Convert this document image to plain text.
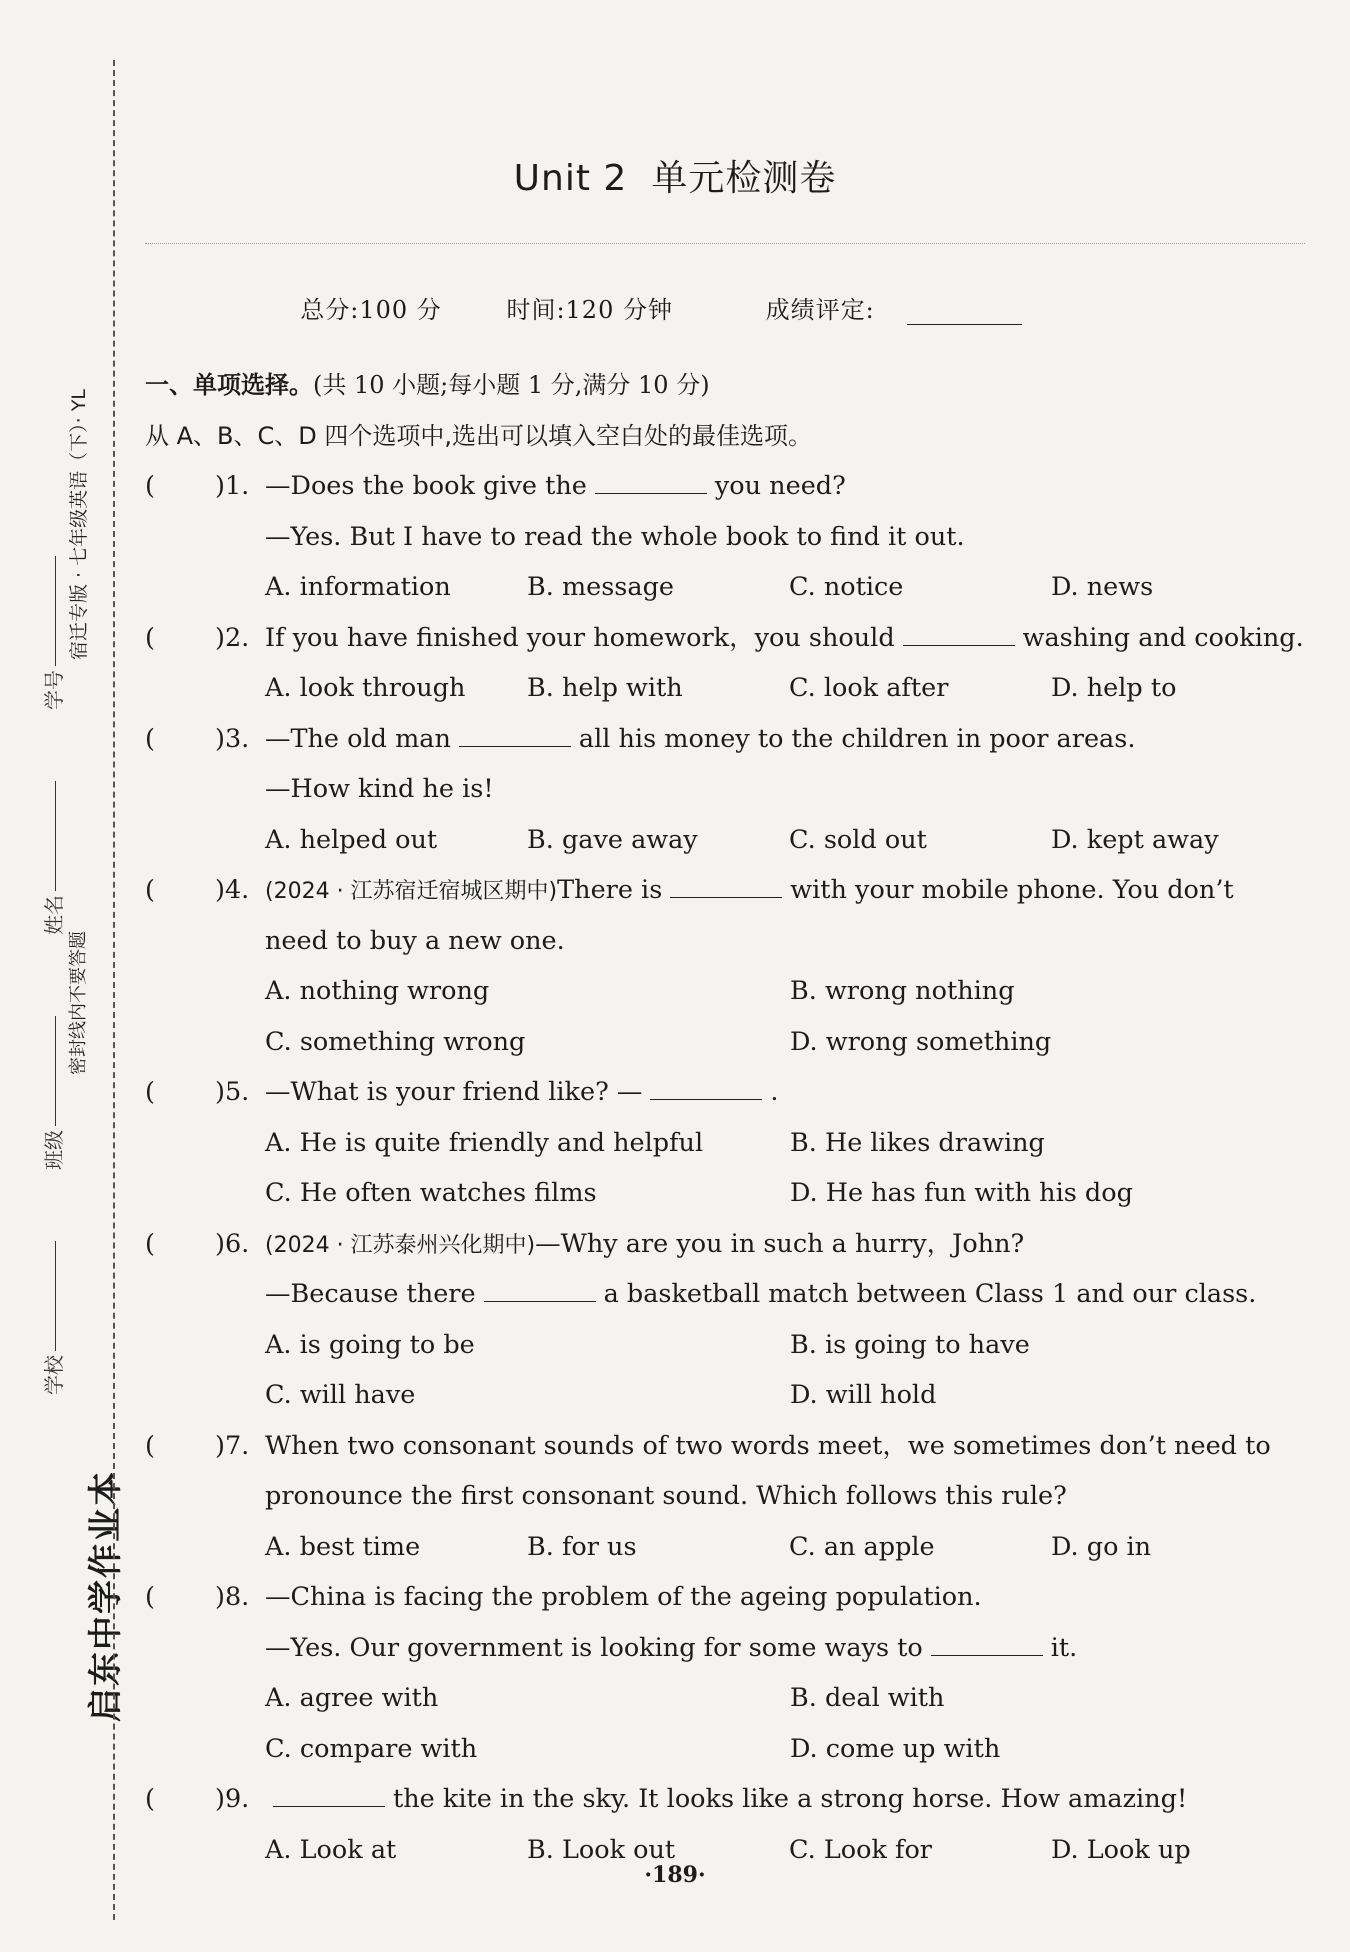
启东中学作业本
学校
班级
姓名
学号
密封线内不要答题
宿迁专版 · 七年级英语（下）· YL
Unit 2 单元检测卷
总分:100 分	时间:120 分钟	成绩评定:
一、单项选择。(共 10 小题;每小题 1 分,满分 10 分)
从 A、B、C、D 四个选项中,选出可以填入空白处的最佳选项。
( )1. —Does the book give the	you need?
—Yes. But I have to read the whole book to find it out.
A. information	B. message	C. notice	D. news
( )2. If you have finished your homework，you should	washing and cooking.
A. look through	B. help with	C. look after	D. help to
( )3. —The old man	all his money to the children in poor areas.
—How kind he is!
A. helped out	B. gave away	C. sold out	D. kept away
( )4. (2024 · 江苏宿迁宿城区期中)There is	with your mobile phone. You don’t
need to buy a new one.
A. nothing wrong	B. wrong nothing
C. something wrong	D. wrong something
( )5. —What is your friend like? —	.
A. He is quite friendly and helpful	B. He likes drawing
C. He often watches films	D. He has fun with his dog
( )6. (2024 · 江苏泰州兴化期中)—Why are you in such a hurry，John?
—Because there	a basketball match between Class 1 and our class.
A. is going to be	B. is going to have
C. will have	D. will hold
( )7. When two consonant sounds of two words meet，we sometimes don’t need to
pronounce the first consonant sound. Which follows this rule?
A. best time	B. for us	C. an apple	D. go in
( )8. —China is facing the problem of the ageing population.
—Yes. Our government is looking for some ways to	it.
A. agree with	B. deal with
C. compare with	D. come up with
( )9.	the kite in the sky. It looks like a strong horse. How amazing!
A. Look at	B. Look out	C. Look for	D. Look up
·189·
